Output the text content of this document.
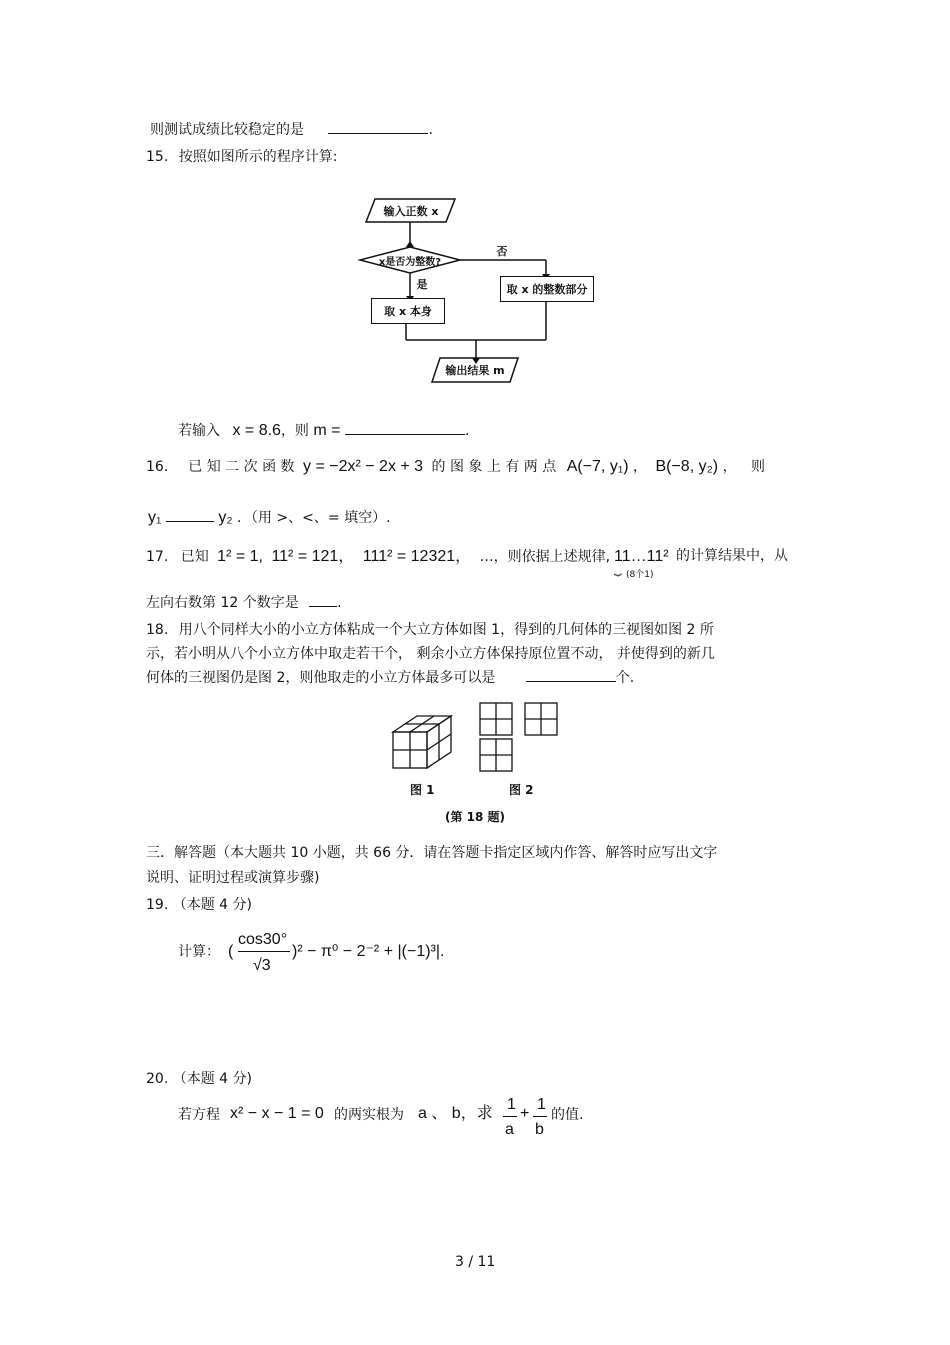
则测试成绩比较稳定的是	.
15. 按照如图所示的程序计算:
输入正数 x
x是否为整数?
否
是	取 x 的整数部分
取 x 本身
输出结果 m
若输入 x = 8.6，则 m =	.
16． 已 知 二 次 函 数 y = −2x² − 2x + 3 的 图 象 上 有 两 点 A(−7, y₁) ， B(−8, y₂) ， 则
y₁	y₂ ．（用 >、<、= 填空）.
17. 已知 1² = 1, 11² = 121， 111² = 12321， …，则依据上述规律, 11…11²
⏟ (8个1)
的计算结果中，从
左向右数第 12 个数字是	.
18. 用八个同样大小的小立方体粘成一个大立方体如图 1，得到的几何体的三视图如图 2 所
示，若小明从八个小立方体中取走若干个， 剩余小立方体保持原位置不动， 并使得到的新几
何体的三视图仍是图 2，则他取走的小立方体最多可以是	个.
图 1	图 2
(第 18 题)
三．解答题（本大题共 10 小题，共 66 分．请在答题卡指定区域内作答、解答时应写出文字
说明、证明过程或演算步骤)
19. （本题 4 分)
计算： (
cos30°
√3
)² − π⁰ − 2⁻² + |(−1)³|.
20. （本题 4 分)
若方程 x² − x − 1 = 0 的两实根为 a 、 b，求
1
a
+
1
b
的值.
3 / 11
